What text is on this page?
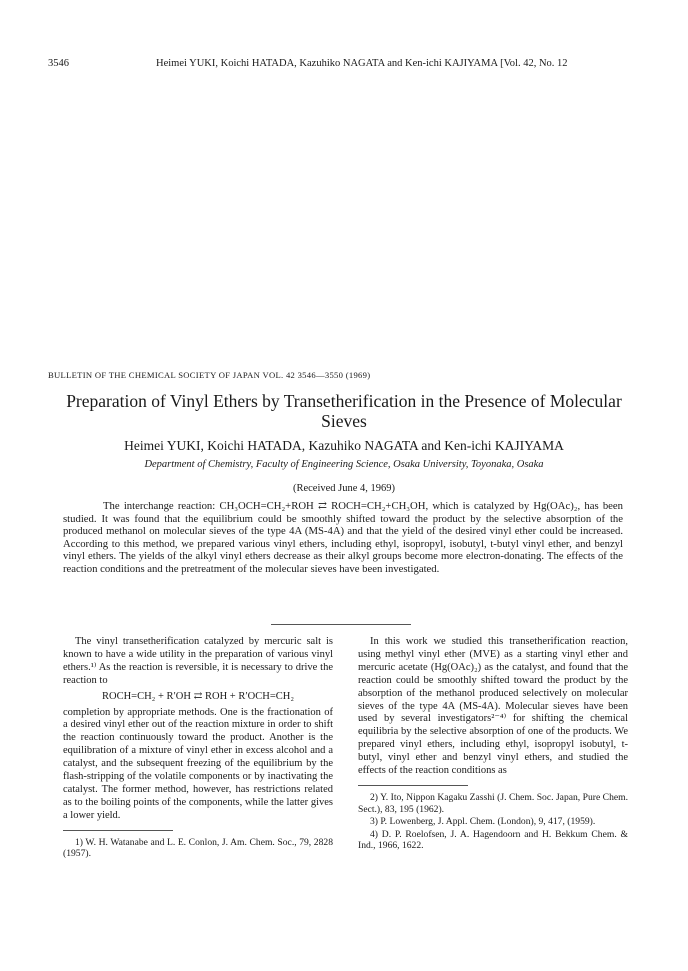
3546	Heimei YUKI, Koichi HATADA, Kazuhiko NAGATA and Ken-ichi KAJIYAMA [Vol. 42, No. 12
BULLETIN OF THE CHEMICAL SOCIETY OF JAPAN VOL. 42 3546—3550 (1969)
Preparation of Vinyl Ethers by Transetherification in the Presence of Molecular Sieves
Heimei YUKI, Koichi HATADA, Kazuhiko NAGATA and Ken-ichi KAJIYAMA
Department of Chemistry, Faculty of Engineering Science, Osaka University, Toyonaka, Osaka
(Received June 4, 1969)

The interchange reaction: CH₃OCH=CH₂+ROH ⇄ ROCH=CH₂+CH₃OH, which is catalyzed by Hg(OAc)₂, has been studied. It was found that the equilibrium could be smoothly shifted toward the product by the selective absorption of the produced methanol on molecular sieves of the type 4A (MS-4A) and that the yield of the desired vinyl ether could be increased. According to this method, we prepared various vinyl ethers, including ethyl, isopropyl, isobutyl, t-butyl vinyl ether, and benzyl vinyl ethers. The yields of the alkyl vinyl ethers decrease as their alkyl groups become more electron-donating. The effects of the reaction conditions and the pretreatment of the molecular sieves have been investigated.

The vinyl transetherification catalyzed by mercuric salt is known to have a wide utility in the preparation of various vinyl ethers.¹⁾ As the reaction is reversible, it is necessary to drive the reaction to

ROCH=CH₂ + R′OH ⇄ ROH + R′OCH=CH₂

completion by appropriate methods. One is the fractionation of a desired vinyl ether out of the reaction mixture in order to shift the reaction continuously toward the product. Another is the equilibration of a mixture of vinyl ether in excess alcohol and a catalyst, and the subsequent freezing of the equilibrium by the flash-stripping of the volatile components or by inactivating the catalyst. The former method, however, has restrictions related as to the boiling points of the components, while the latter gives a lower yield.

1) W. H. Watanabe and L. E. Conlon, J. Am. Chem. Soc., 79, 2828 (1957).

In this work we studied this transetherification reaction, using methyl vinyl ether (MVE) as a starting vinyl ether and mercuric acetate (Hg(OAc)₂) as the catalyst, and found that the reaction could be smoothly shifted toward the product by the absorption of the methanol produced selectively on molecular sieves of the type 4A (MS-4A). Molecular sieves have been used by several investigators²⁻⁴⁾ for shifting the chemical equilibria by the selective absorption of one of the products. We prepared vinyl ethers, including ethyl, isopropyl isobutyl, t-butyl, vinyl ether and benzyl vinyl ethers, and studied the effects of the reaction conditions as

2) Y. Ito, Nippon Kagaku Zasshi (J. Chem. Soc. Japan, Pure Chem. Sect.), 83, 195 (1962).

3) P. Lowenberg, J. Appl. Chem. (London), 9, 417, (1959).

4) D. P. Roelofsen, J. A. Hagendoorn and H. Bekkum Chem. & Ind., 1966, 1622.
